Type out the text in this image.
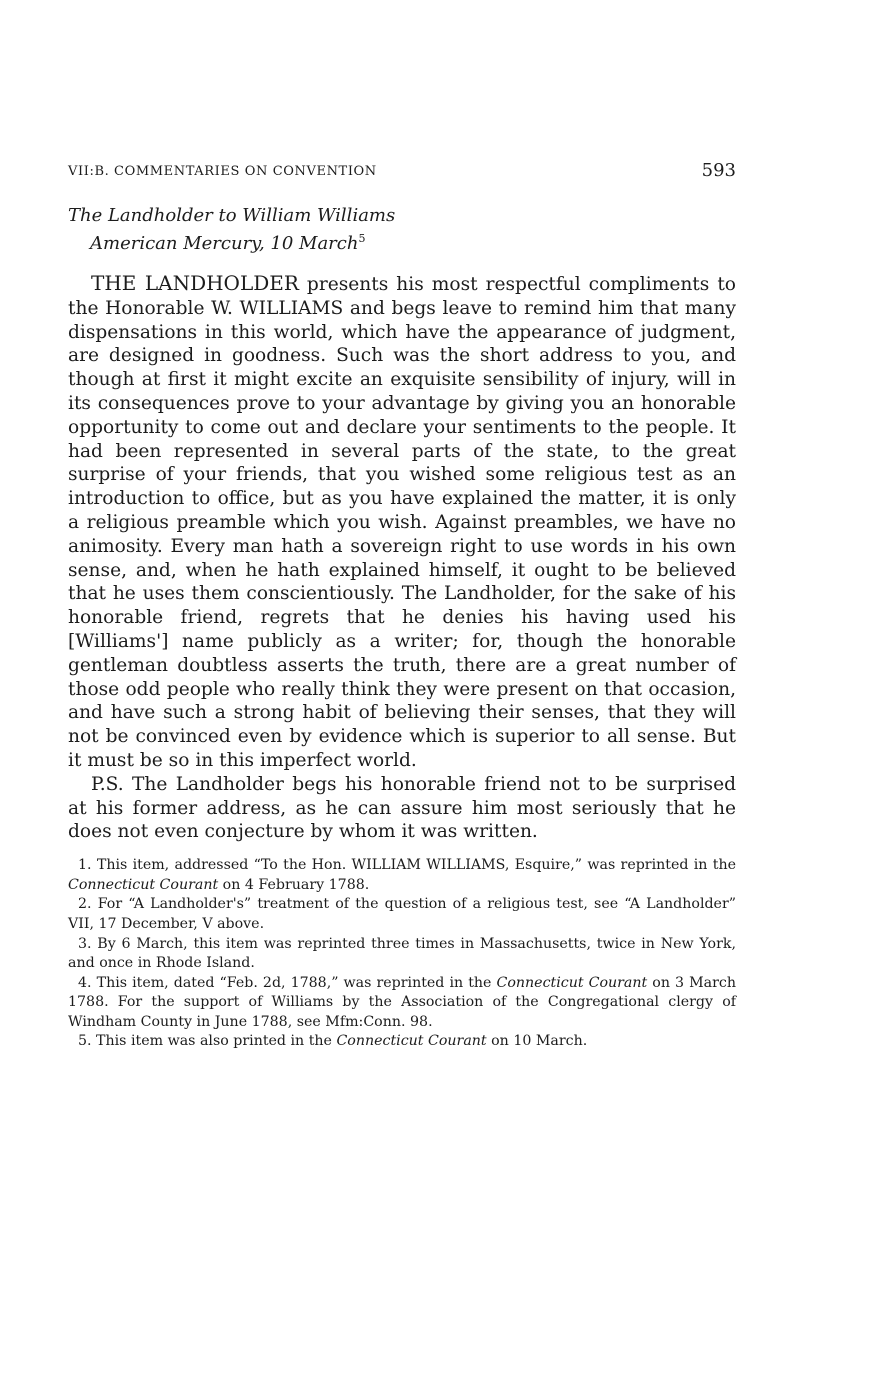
VII:B. COMMENTARIES ON CONVENTION	593
The Landholder to William Williams
American Mercury, 10 March$^5$

THE LANDHOLDER presents his most respectful compliments to the Honorable W. WILLIAMS and begs leave to remind him that many dispensations in this world, which have the appearance of judgment, are designed in goodness. Such was the short address to you, and though at first it might excite an exquisite sensibility of injury, will in its consequences prove to your advantage by giving you an honorable opportunity to come out and declare your sentiments to the people. It had been represented in several parts of the state, to the great surprise of your friends, that you wished some religious test as an introduction to office, but as you have explained the matter, it is only a religious preamble which you wish. Against preambles, we have no animosity. Every man hath a sovereign right to use words in his own sense, and, when he hath explained himself, it ought to be believed that he uses them conscientiously. The Landholder, for the sake of his honorable friend, regrets that he denies his having used his [Williams'] name publicly as a writer; for, though the honorable gentleman doubtless asserts the truth, there are a great number of those odd people who really think they were present on that occasion, and have such a strong habit of believing their senses, that they will not be convinced even by evidence which is superior to all sense. But it must be so in this imperfect world.

P.S. The Landholder begs his honorable friend not to be surprised at his former address, as he can assure him most seriously that he does not even conjecture by whom it was written.

1. This item, addressed “To the Hon. WILLIAM WILLIAMS, Esquire,” was reprinted in the Connecticut Courant on 4 February 1788.

2. For “A Landholder's” treatment of the question of a religious test, see “A Landholder” VII, 17 December, V above.

3. By 6 March, this item was reprinted three times in Massachusetts, twice in New York, and once in Rhode Island.

4. This item, dated “Feb. 2d, 1788,” was reprinted in the Connecticut Courant on 3 March 1788. For the support of Williams by the Association of the Congregational clergy of Windham County in June 1788, see Mfm:Conn. 98.

5. This item was also printed in the Connecticut Courant on 10 March.
